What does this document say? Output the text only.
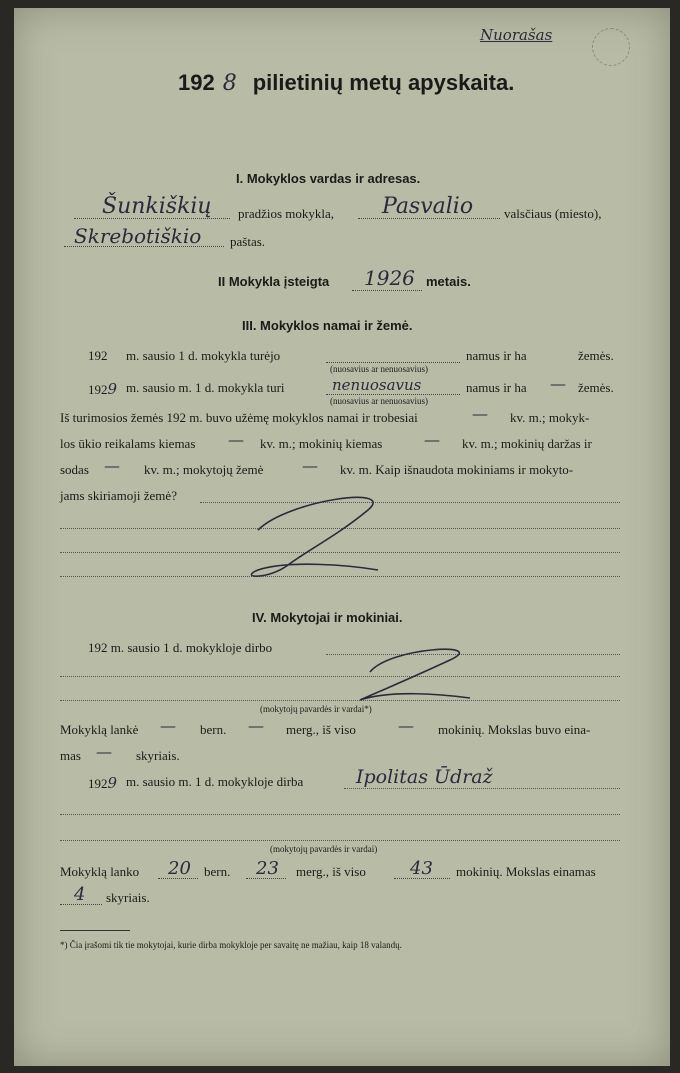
Nuorašas
192 8 pilietinių metų apyskaita.
I. Mokyklos vardas ir adresas.
Šunkiškių pradžios mokykla, Pasvalio valsčiaus (miesto),
Skrebotiškio paštas.
II Mokykla įsteigta 1926 metais.
III. Mokyklos namai ir žemė.
192 m. sausio 1 d. mokykla turėjo	namus ir ha	žemės.
(nuosavius ar nenuosavius)
1929 m. sausio m. 1 d. mokykla turi	nenuosavus	namus ir ha — žemės.
(nuosavius ar nenuosavius)
Iš turimosios žemės 192 m. buvo užėmę mokyklos namai ir trobesiai	— kv. m.; mokyk-
los ūkio reikalams kiemas — kv. m.; mokinių kiemas	— kv. m.; mokinių daržas ir
sodas — kv. m.; mokytojų žemė — kv. m. Kaip išnaudota mokiniams ir mokyto-
jams skiriamoji žemė?
IV. Mokytojai ir mokiniai.
192 m. sausio 1 d. mokykloje dirbo
(mokytojų pavardės ir vardai*)
Mokyklą lankė — bern. — merg., iš viso	— mokinių. Mokslas buvo eina-
mas — skyriais.
1929 m. sausio m. 1 d. mokykloje dirba	Ipolitas Ūdraž
(mokytojų pavardės ir vardai)
Mokyklą lanko 20 bern. 23 merg., iš viso 43 mokinių. Mokslas einamas
4 skyriais.
*) Čia įrašomi tik tie mokytojai, kurie dirba mokykloje per savaitę ne mažiau, kaip 18 valandų.
